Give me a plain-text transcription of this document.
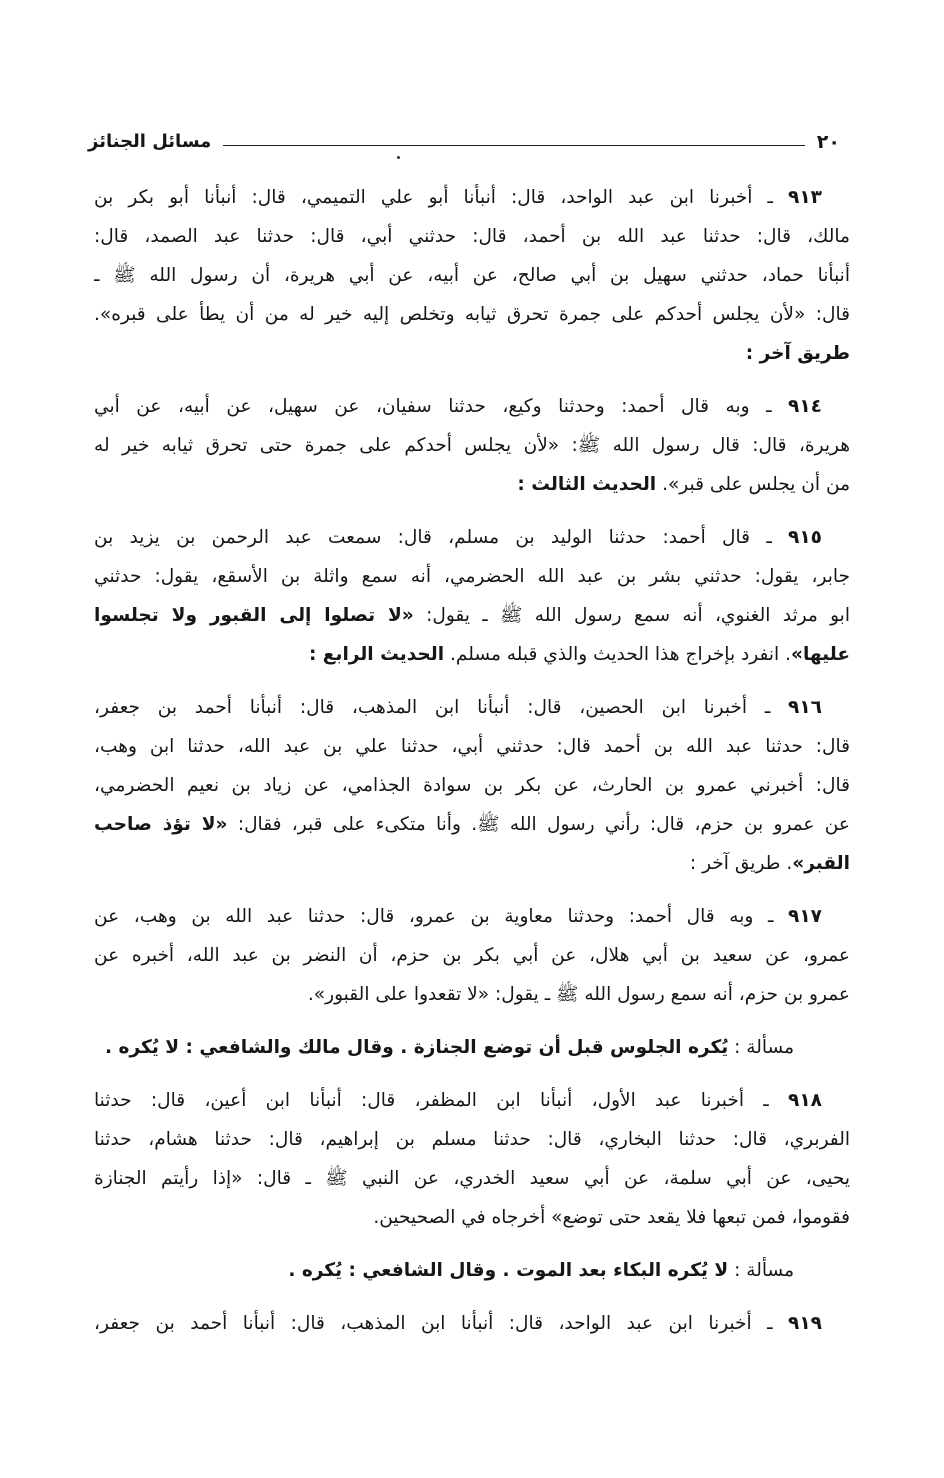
٢٠
مسائل الجنائز
٩١٣ ـ أخبرنا ابن عبد الواحد، قال: أنبأنا أبو علي التميمي، قال: أنبأنا أبو بكر بن
مالك، قال: حدثنا عبد الله بن أحمد، قال: حدثني أبي، قال: حدثنا عبد الصمد، قال:
أنبأنا حماد، حدثني سهيل بن أبي صالح، عن أبيه، عن أبي هريرة، أن رسول الله ﷺ ـ
قال: «لأن يجلس أحدكم على جمرة تحرق ثيابه وتخلص إليه خير له من أن يطأ على قبره».
طريق آخر :
٩١٤ ـ وبه قال أحمد: وحدثنا وكيع، حدثنا سفيان، عن سهيل، عن أبيه، عن أبي
هريرة، قال: قال رسول الله ﷺ: «لأن يجلس أحدكم على جمرة حتى تحرق ثيابه خير له
من أن يجلس على قبر». الحديث الثالث :
٩١٥ ـ قال أحمد: حدثنا الوليد بن مسلم، قال: سمعت عبد الرحمن بن يزيد بن
جابر، يقول: حدثني بشر بن عبد الله الحضرمي، أنه سمع واثلة بن الأسقع، يقول: حدثني
ابو مرثد الغنوي، أنه سمع رسول الله ﷺ ـ يقول: «لا تصلوا إلى القبور ولا تجلسوا
عليها». انفرد بإخراج هذا الحديث والذي قبله مسلم. الحديث الرابع :
٩١٦ ـ أخبرنا ابن الحصين، قال: أنبأنا ابن المذهب، قال: أنبأنا أحمد بن جعفر،
قال: حدثنا عبد الله بن أحمد قال: حدثني أبي، حدثنا علي بن عبد الله، حدثنا ابن وهب،
قال: أخبرني عمرو بن الحارث، عن بكر بن سوادة الجذامي، عن زياد بن نعيم الحضرمي،
عن عمرو بن حزم، قال: رأني رسول الله ﷺ. وأنا متكىء على قبر، فقال: «لا تؤذ صاحب
القبر». طريق آخر :
٩١٧ ـ وبه قال أحمد: وحدثنا معاوية بن عمرو، قال: حدثنا عبد الله بن وهب، عن
عمرو، عن سعيد بن أبي هلال، عن أبي بكر بن حزم، أن النضر بن عبد الله، أخبره عن
عمرو بن حزم، أنه سمع رسول الله ﷺ ـ يقول: «لا تقعدوا على القبور».
مسألة : يُكره الجلوس قبل أن توضع الجنازة . وقال مالك والشافعي : لا يُكره .
٩١٨ ـ أخبرنا عبد الأول، أنبأنا ابن المظفر، قال: أنبأنا ابن أعين، قال: حدثنا
الفربري، قال: حدثنا البخاري، قال: حدثنا مسلم بن إبراهيم، قال: حدثنا هشام، حدثنا
يحيى، عن أبي سلمة، عن أبي سعيد الخدري، عن النبي ﷺ ـ قال: «إذا رأيتم الجنازة
فقوموا، فمن تبعها فلا يقعد حتى توضع» أخرجاه في الصحيحين.
مسألة : لا يُكره البكاء بعد الموت . وقال الشافعي : يُكره .
٩١٩ ـ أخبرنا ابن عبد الواحد، قال: أنبأنا ابن المذهب، قال: أنبأنا أحمد بن جعفر،
